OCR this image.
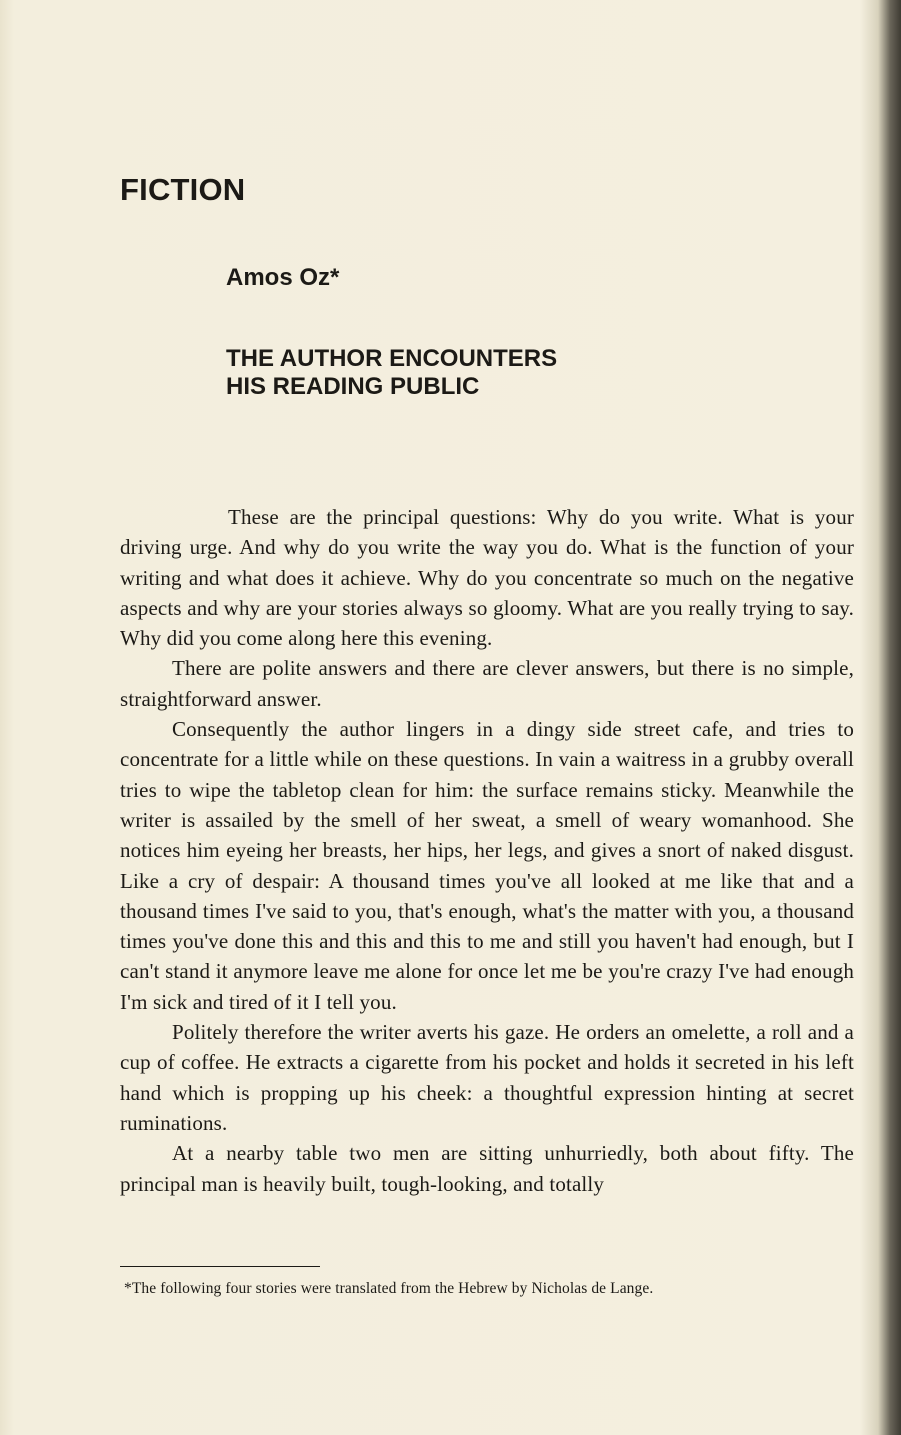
FICTION
Amos Oz*
THE AUTHOR ENCOUNTERS
HIS READING PUBLIC

These are the principal questions: Why do you write. What is your driving urge. And why do you write the way you do. What is the function of your writing and what does it achieve. Why do you concentrate so much on the negative aspects and why are your stories always so gloomy. What are you really trying to say. Why did you come along here this evening.

There are polite answers and there are clever answers, but there is no simple, straightforward answer.

Consequently the author lingers in a dingy side street cafe, and tries to concentrate for a little while on these questions. In vain a waitress in a grubby overall tries to wipe the tabletop clean for him: the surface remains sticky. Meanwhile the writer is assailed by the smell of her sweat, a smell of weary womanhood. She notices him eyeing her breasts, her hips, her legs, and gives a snort of naked disgust. Like a cry of despair: A thousand times you've all looked at me like that and a thousand times I've said to you, that's enough, what's the matter with you, a thousand times you've done this and this and this to me and still you haven't had enough, but I can't stand it anymore leave me alone for once let me be you're crazy I've had enough I'm sick and tired of it I tell you.

Politely therefore the writer averts his gaze. He orders an omelette, a roll and a cup of coffee. He extracts a cigarette from his pocket and holds it secreted in his left hand which is propping up his cheek: a thoughtful expression hinting at secret ruminations.

At a nearby table two men are sitting unhurriedly, both about fifty. The principal man is heavily built, tough-looking, and totally

*The following four stories were translated from the Hebrew by Nicholas de Lange.
